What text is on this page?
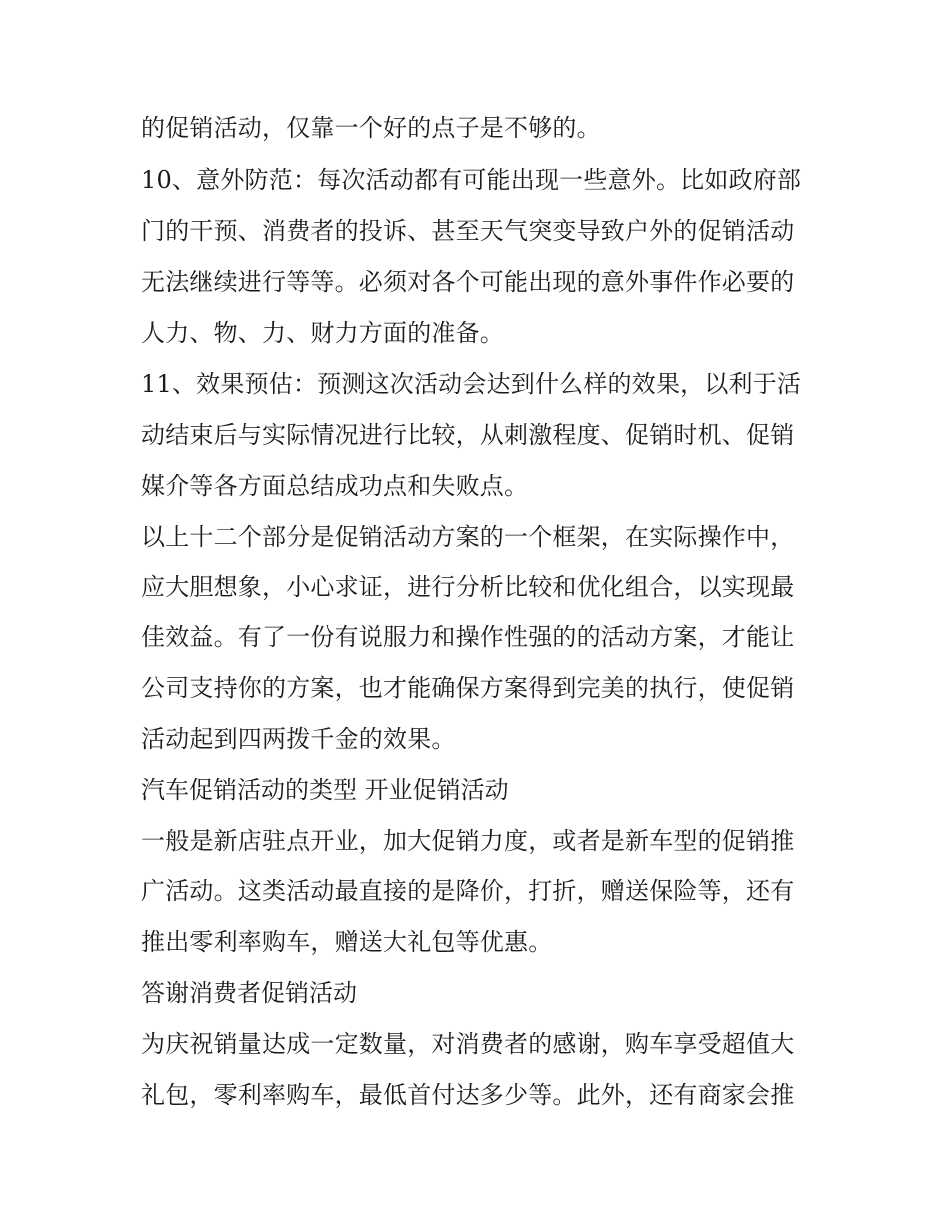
的促销活动，仅靠一个好的点子是不够的。
10、意外防范：每次活动都有可能出现一些意外。比如政府部
门的干预、消费者的投诉、甚至天气突变导致户外的促销活动
无法继续进行等等。必须对各个可能出现的意外事件作必要的
人力、物、力、财力方面的准备。
11、效果预估：预测这次活动会达到什么样的效果，以利于活
动结束后与实际情况进行比较，从刺激程度、促销时机、促销
媒介等各方面总结成功点和失败点。
以上十二个部分是促销活动方案的一个框架，在实际操作中，
应大胆想象，小心求证，进行分析比较和优化组合，以实现最
佳效益。有了一份有说服力和操作性强的的活动方案，才能让
公司支持你的方案，也才能确保方案得到完美的执行，使促销
活动起到四两拨千金的效果。
汽车促销活动的类型 开业促销活动
一般是新店驻点开业，加大促销力度，或者是新车型的促销推
广活动。这类活动最直接的是降价，打折，赠送保险等，还有
推出零利率购车，赠送大礼包等优惠。
答谢消费者促销活动
为庆祝销量达成一定数量，对消费者的感谢，购车享受超值大
礼包，零利率购车，最低首付达多少等。此外，还有商家会推
